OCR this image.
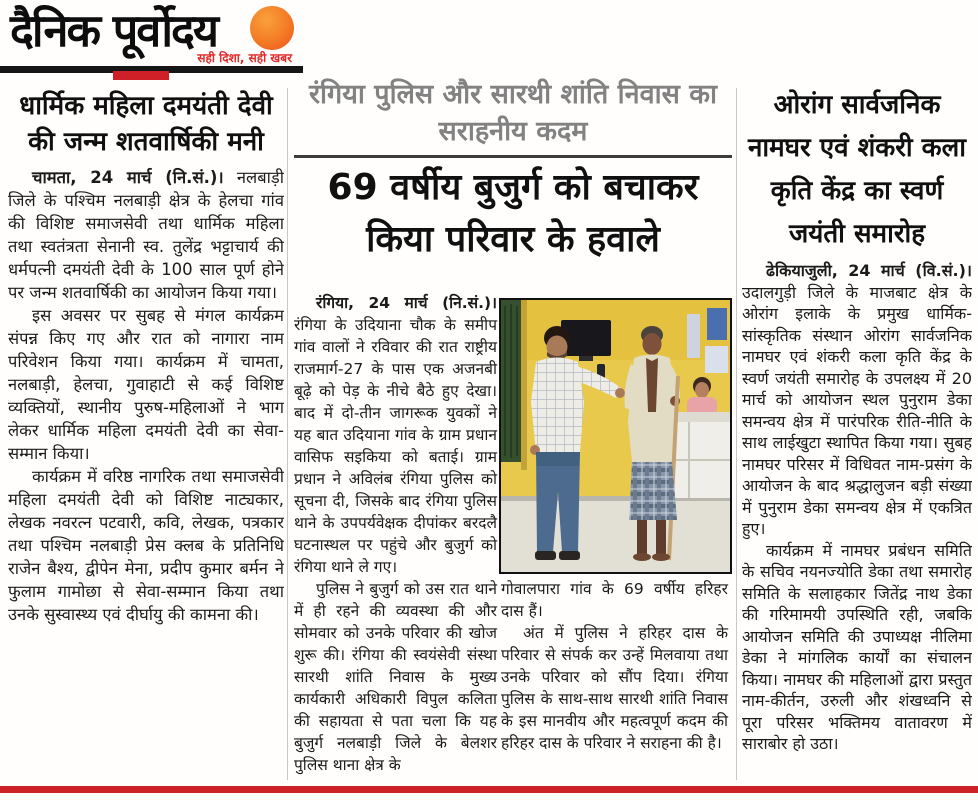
दैनिक पूर्वोदय
सही दिशा, सही खबर
धार्मिक महिला दमयंती देवी की जन्म शतवार्षिकी मनी

चामता, 24 मार्च (नि.सं.)। नलबाड़ी जिले के पश्चिम नलबाड़ी क्षेत्र के हेलचा गांव की विशिष्ट समाजसेवी तथा धार्मिक महिला तथा स्वतंत्रता सेनानी स्व. तुलेंद्र भट्टाचार्य की धर्मपत्नी दमयंती देवी के 100 साल पूर्ण होने पर जन्म शतवार्षिकी का आयोजन किया गया।

इस अवसर पर सुबह से मंगल कार्यक्रम संपन्न किए गए और रात को नागारा नाम परिवेशन किया गया। कार्यक्रम में चामता, नलबाड़ी, हेलचा, गुवाहाटी से कई विशिष्ट व्यक्तियों, स्थानीय पुरुष-महिलाओं ने भाग लेकर धार्मिक महिला दमयंती देवी का सेवा-सम्मान किया।

कार्यक्रम में वरिष्ठ नागरिक तथा समाजसेवी महिला दमयंती देवी को विशिष्ट नाट्यकार, लेखक नवरत्न पटवारी, कवि, लेखक, पत्रकार तथा पश्चिम नलबाड़ी प्रेस क्लब के प्रतिनिधि राजेन बैश्य, द्वीपेन मेना, प्रदीप कुमार बर्मन ने फुलाम गामोछा से सेवा-सम्मान किया तथा उनके सुस्वास्थ्य एवं दीर्घायु की कामना की।

रंगिया पुलिस और सारथी शांति निवास का सराहनीय कदम
69 वर्षीय बुजुर्ग को बचाकर किया परिवार के हवाले

रंगिया, 24 मार्च (नि.सं.)। रंगिया के उदियाना चौक के समीप गांव वालों ने रविवार की रात राष्ट्रीय राजमार्ग-27 के पास एक अजनबी बूढ़े को पेड़ के नीचे बैठे हुए देखा। बाद में दो-तीन जागरूक युवकों ने यह बात उदियाना गांव के ग्राम प्रधान वासिफ सइकिया को बताई। ग्राम प्रधान ने अविलंब रंगिया पुलिस को सूचना दी, जिसके बाद रंगिया पुलिस थाने के उपपर्यवेक्षक दीपांकर बरदलै घटनास्थल पर पहुंचे और बुजुर्ग को रंगिया थाने ले गए।

पुलिस ने बुजुर्ग को उस रात थाने में ही रहने की व्यवस्था की और सोमवार को उनके परिवार की खोज शुरू की। रंगिया की स्वयंसेवी संस्था सारथी शांति निवास के मुख्य कार्यकारी अधिकारी विपुल कलिता की सहायता से पता चला कि यह बुजुर्ग नलबाड़ी जिले के बेलशर पुलिस थाना क्षेत्र के

गोवालपारा गांव के 69 वर्षीय हरिहर दास हैं।

अंत में पुलिस ने हरिहर दास के परिवार से संपर्क कर उन्हें मिलवाया तथा उनके परिवार को सौंप दिया। रंगिया पुलिस के साथ-साथ सारथी शांति निवास के इस मानवीय और महत्वपूर्ण कदम की हरिहर दास के परिवार ने सराहना की है।

ओरांग सार्वजनिक नामघर एवं शंकरी कला कृति केंद्र का स्वर्ण जयंती समारोह

ढेकियाजुली, 24 मार्च (वि.सं.)। उदालगुड़ी जिले के माजबाट क्षेत्र के ओरांग इलाके के प्रमुख धार्मिक-सांस्कृतिक संस्थान ओरांग सार्वजनिक नामघर एवं शंकरी कला कृति केंद्र के स्वर्ण जयंती समारोह के उपलक्ष्य में 20 मार्च को आयोजन स्थल पुनुराम डेका समन्वय क्षेत्र में पारंपरिक रीति-नीति के साथ लाईखुटा स्थापित किया गया। सुबह नामघर परिसर में विधिवत नाम-प्रसंग के आयोजन के बाद श्रद्धालुजन बड़ी संख्या में पुनुराम डेका समन्वय क्षेत्र में एकत्रित हुए।

कार्यक्रम में नामघर प्रबंधन समिति के सचिव नयनज्योति डेका तथा समारोह समिति के सलाहकार जितेंद्र नाथ डेका की गरिमामयी उपस्थिति रही, जबकि आयोजन समिति की उपाध्यक्ष नीलिमा डेका ने मांगलिक कार्यों का संचालन किया। नामघर की महिलाओं द्वारा प्रस्तुत नाम-कीर्तन, उरुली और शंखध्वनि से पूरा परिसर भक्तिमय वातावरण में साराबोर हो उठा।
